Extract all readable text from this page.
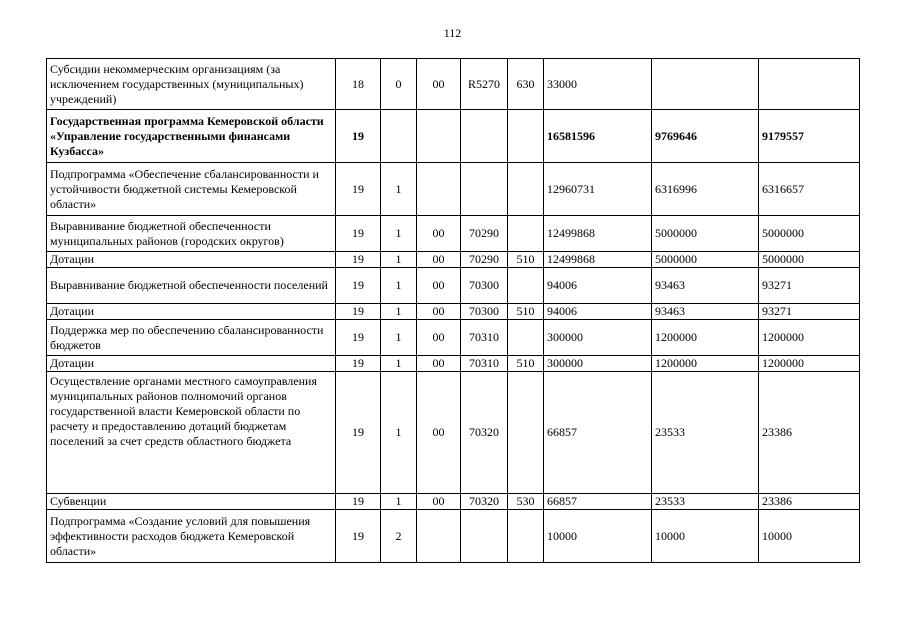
112
Субсидии некоммерческим организациям (за исключением государственных (муниципальных) учреждений)	18	0	00	R5270	630	33000		
Государственная программа Кемеровской области «Управление государственными финансами Кузбасса»	19					16581596	9769646	9179557
Подпрограмма «Обеспечение сбалансированности и устойчивости бюджетной системы Кемеровской области»	19	1				12960731	6316996	6316657
Выравнивание бюджетной обеспеченности муниципальных районов (городских округов)	19	1	00	70290		12499868	5000000	5000000
Дотации	19	1	00	70290	510	12499868	5000000	5000000
Выравнивание бюджетной обеспеченности поселений	19	1	00	70300		94006	93463	93271
Дотации	19	1	00	70300	510	94006	93463	93271
Поддержка мер по обеспечению сбалансированности бюджетов	19	1	00	70310		300000	1200000	1200000
Дотации	19	1	00	70310	510	300000	1200000	1200000
Осуществление органами местного самоуправления муниципальных районов полномочий органов государственной власти Кемеровской области по расчету и предоставлению дотаций бюджетам поселений за счет средств областного бюджета	19	1	00	70320		66857	23533	23386
Субвенции	19	1	00	70320	530	66857	23533	23386
Подпрограмма «Создание условий для повышения эффективности расходов бюджета Кемеровской области»	19	2				10000	10000	10000
